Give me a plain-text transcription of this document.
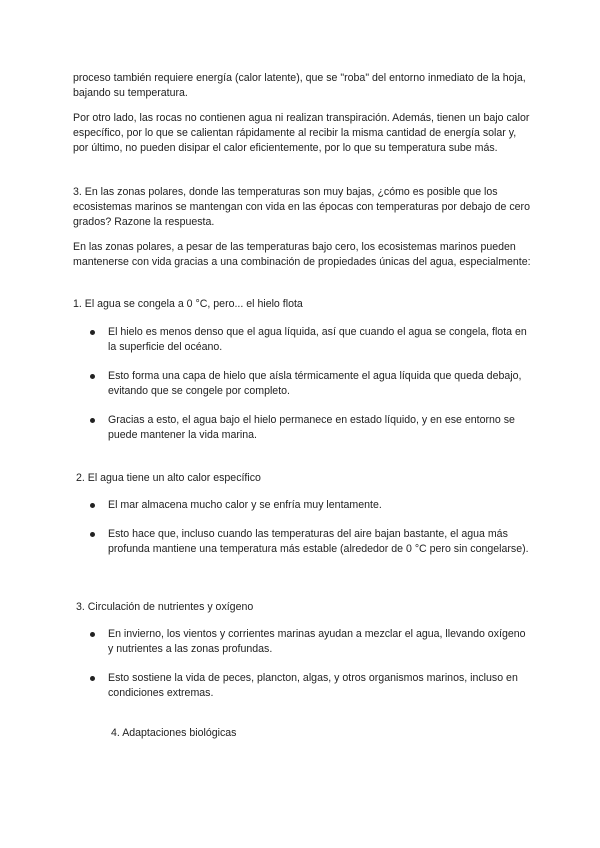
proceso también requiere energía (calor latente), que se "roba" del entorno inmediato de la hoja, bajando su temperatura.

Por otro lado, las rocas no contienen agua ni realizan transpiración. Además, tienen un bajo calor específico, por lo que se calientan rápidamente al recibir la misma cantidad de energía solar y, por último, no pueden disipar el calor eficientemente, por lo que su temperatura sube más.

3. En las zonas polares, donde las temperaturas son muy bajas, ¿cómo es posible que los ecosistemas marinos se mantengan con vida en las épocas con temperaturas por debajo de cero grados? Razone la respuesta.

En las zonas polares, a pesar de las temperaturas bajo cero, los ecosistemas marinos pueden mantenerse con vida gracias a una combinación de propiedades únicas del agua, especialmente:

1. El agua se congela a 0 °C, pero... el hielo flota

El hielo es menos denso que el agua líquida, así que cuando el agua se congela, flota en la superficie del océano.
Esto forma una capa de hielo que aísla térmicamente el agua líquida que queda debajo, evitando que se congele por completo.
Gracias a esto, el agua bajo el hielo permanece en estado líquido, y en ese entorno se puede mantener la vida marina.

2. El agua tiene un alto calor específico

El mar almacena mucho calor y se enfría muy lentamente.
Esto hace que, incluso cuando las temperaturas del aire bajan bastante, el agua más profunda mantiene una temperatura más estable (alrededor de 0 °C pero sin congelarse).

3. Circulación de nutrientes y oxígeno

En invierno, los vientos y corrientes marinas ayudan a mezclar el agua, llevando oxígeno y nutrientes a las zonas profundas.
Esto sostiene la vida de peces, plancton, algas, y otros organismos marinos, incluso en condiciones extremas.

4. Adaptaciones biológicas
